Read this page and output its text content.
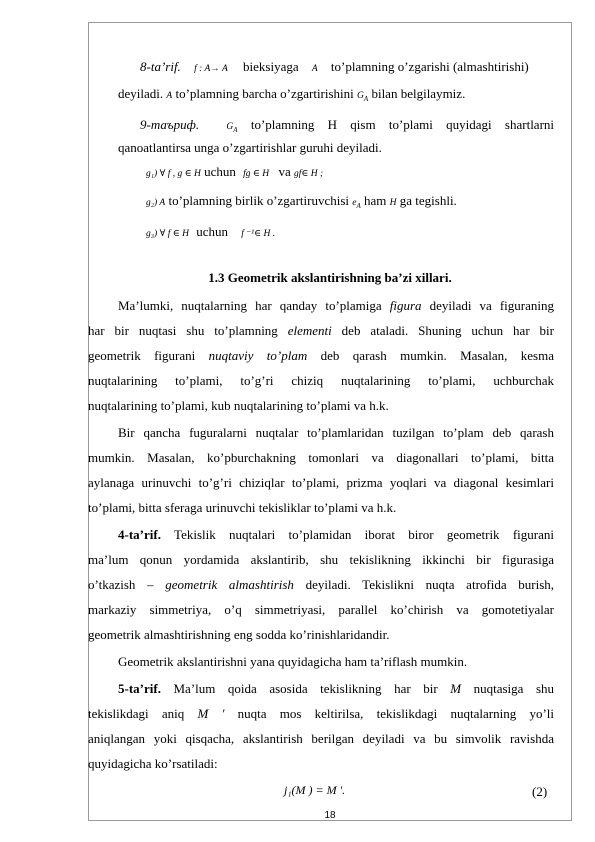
8-ta’rif. f : A→ A bieksiyaga A to’plamning o’zgarishi (almashtirishi)
deyiladi. A to’plamning barcha o’zgartirishini $G_A$ bilan belgilaymiz.
9-таъриф.	$G_A$ to’plamning H qism to’plami quyidagi shartlarni
qanoatlantirsa unga o’zgartirishlar guruhi deyiladi.
g₁) ∀ f , g ∈ H uchun fg ∈ H va gf∈ H ;
g₂) A to’plamning birlik o’zgartiruvchisi $e_A$ ham H ga tegishli.
g₃) ∀ f ∈ H uchun f ⁻¹∈ H .
1.3 Geometrik akslantirishning ba’zi xillari.
Ma’lumki, nuqtalarning har qanday to’plamiga figura deyiladi va figuraning
har bir nuqtasi shu to’plamning elementi deb ataladi. Shuning uchun har bir
geometrik figurani nuqtaviy to’plam deb qarash mumkin. Masalan, kesma
nuqtalarining to’plami, to’g’ri chiziq nuqtalarining to’plami, uchburchak
nuqtalarining to’plami, kub nuqtalarining to’plami va h.k.
Bir qancha fuguralarni nuqtalar to’plamlaridan tuzilgan to’plam deb qarash
mumkin. Masalan, ko’pburchakning tomonlari va diagonallari to’plami, bitta
aylanaga urinuvchi to’g’ri chiziqlar to’plami, prizma yoqlari va diagonal kesimlari
to’plami, bitta sferaga urinuvchi tekisliklar to’plami va h.k.
4-ta’rif. Tekislik nuqtalari to’plamidan iborat biror geometrik figurani
ma’lum qonun yordamida akslantirib, shu tekislikning ikkinchi bir figurasiga
o’tkazish – geometrik almashtirish deyiladi. Tekislikni nuqta atrofida burish,
markaziy simmetriya, o’q simmetriyasi, parallel ko’chirish va gomotetiyalar
geometrik almashtirishning eng sodda ko’rinishlaridandir.
Geometrik akslantirishni yana quyidagicha ham ta’riflash mumkin.
5-ta’rif. Ma’lum qoida asosida tekislikning har bir M nuqtasiga shu
tekislikdagi aniq M ' nuqta mos keltirilsa, tekislikdagi nuqtalarning yo’li
aniqlangan yoki qisqacha, akslantirish berilgan deyiladi va bu simvolik ravishda
quyidagicha ko’rsatiladi:
j₁(M ) = M '.	(2)
18
